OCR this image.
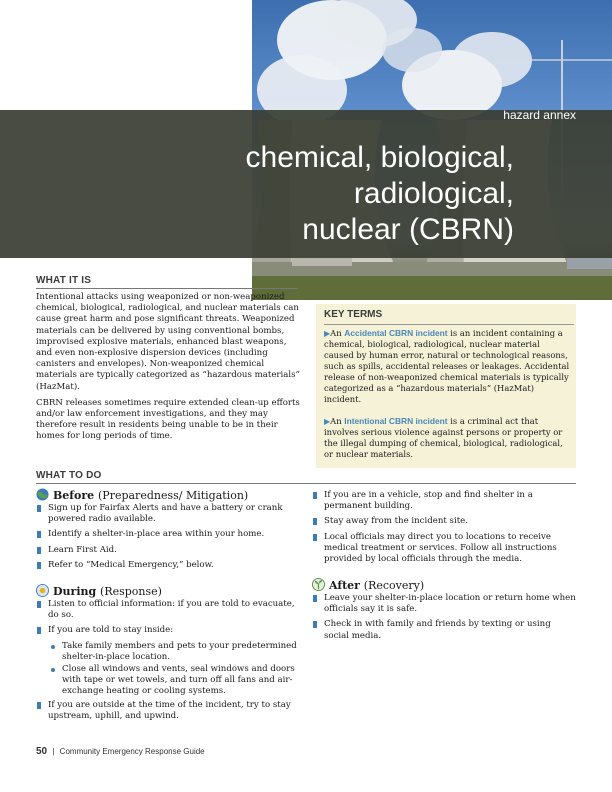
hazard annex
chemical, biological,
radiological,
nuclear (CBRN)
WHAT IT IS

Intentional attacks using weaponized or non-weaponized chemical, biological, radiological, and nuclear materials can cause great harm and pose significant threats. Weaponized materials can be delivered by using conventional bombs, improvised explosive materials, enhanced blast weapons, and even non-explosive dispersion devices (including canisters and envelopes). Non-weaponized chemical materials are typically categorized as “hazardous materials” (HazMat).

CBRN releases sometimes require extended clean-up efforts and/or law enforcement investigations, and they may therefore result in residents being unable to be in their homes for long periods of time.

KEY TERMS
▶An Accidental CBRN incident is an incident containing a chemical, biological, radiological, nuclear material caused by human error, natural or technological reasons, such as spills, accidental releases or leakages. Accidental release of non-weaponized chemical materials is typically categorized as a “hazardous materials” (HazMat) incident.
▶An Intentional CBRN incident is a criminal act that involves serious violence against persons or property or the illegal dumping of chemical, biological, radiological, or nuclear materials.
WHAT TO DO
Before (Preparedness/ Mitigation)
Sign up for Fairfax Alerts and have a battery or crank powered radio available.
Identify a shelter-in-place area within your home.
Learn First Aid.
Refer to “Medical Emergency,” below.
During (Response)
Listen to official information: if you are told to evacuate, do so.
If you are told to stay inside:
Take family members and pets to your predetermined shelter-in-place location.
Close all windows and vents, seal windows and doors with tape or wet towels, and turn off all fans and air-exchange heating or cooling systems.
If you are outside at the time of the incident, try to stay upstream, uphill, and upwind.
If you are in a vehicle, stop and find shelter in a permanent building.
Stay away from the incident site.
Local officials may direct you to locations to receive medical treatment or services. Follow all instructions provided by local officials through the media.
After (Recovery)
Leave your shelter-in-place location or return home when officials say it is safe.
Check in with family and friends by texting or using social media.
50 | Community Emergency Response Guide
